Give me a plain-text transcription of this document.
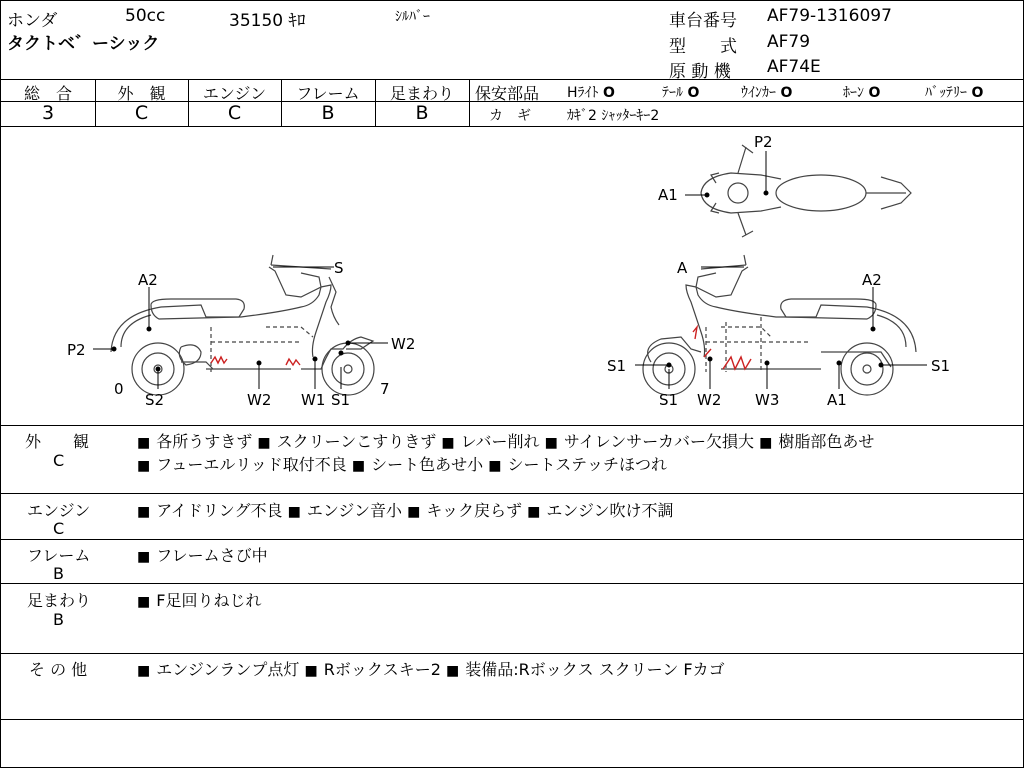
ホンダ	50cc	35150 ｷﾛ	ｼﾙﾊﾞｰ
タクトベ゛ーシック
車台番号 AF79-1316097
型　　式 AF79
原 動 機 AF74E
総　合	外　観	エンジン	フレーム	足まわり
3	C	C	B	B
保安部品 Hﾗｲﾄ O	ﾃｰﾙ O	ｳｲﾝｶｰ O	ﾎｰﾝ O	ﾊﾞｯﾃﾘｰ O
カ　ギ	ｶｷﾞ2 ｼｬｯﾀｰｷｰ2
A2
S
W2
P2
0
S2	W2 W1 S1
7
A
A2
S1	S1
S1 W2 W3	A1
P2
A1
外　　観
C
■ 各所うすきず ■ スクリーンこすりきず ■ レバー削れ ■ サイレンサーカバー欠損大 ■ 樹脂部色あせ
■ フューエルリッド取付不良 ■ シート色あせ小 ■ シートステッチほつれ
エンジン
C
■ アイドリング不良 ■ エンジン音小 ■ キック戻らず ■ エンジン吹け不調
フレーム
B
■ フレームさび中
足まわり
B
■ F足回りねじれ
そ の 他	■ エンジンランプ点灯 ■ Rボックスキー2 ■ 装備品:Rボックス スクリーン Fカゴ
